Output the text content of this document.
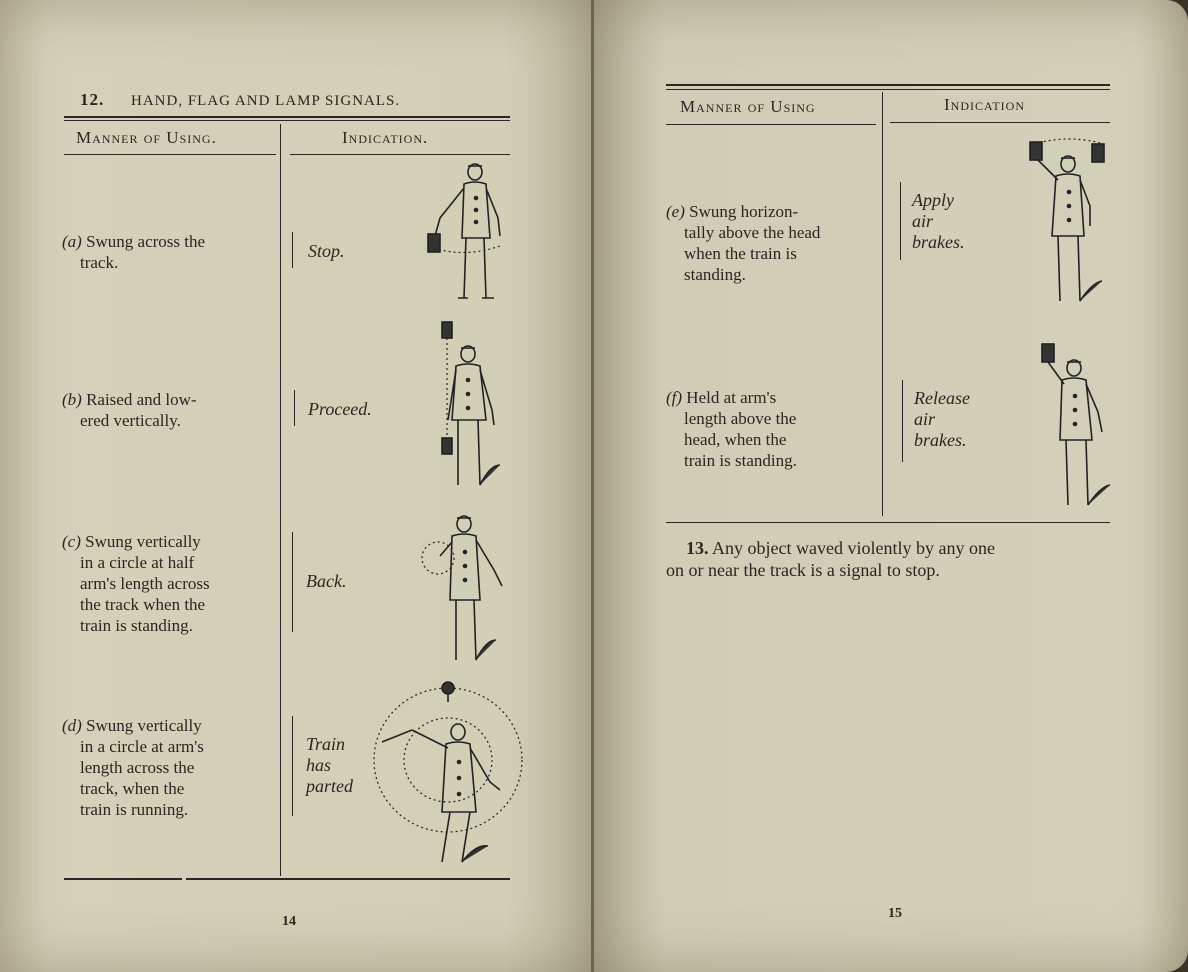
12. HAND, FLAG AND LAMP SIGNALS.
Manner of Using.	Indication.
(a) Swung across the
track.
Stop.
(b) Raised and low-
ered vertically.
Proceed.
(c) Swung vertically
in a circle at half
arm's length across
the track when the
train is standing.
Back.
(d) Swung vertically
in a circle at arm's
length across the
track, when the
train is running.
Train
has
parted
14
Manner of Using	Indication
(e) Swung horizon-
tally above the head
when the train is
standing.
Apply
air
brakes.
(f) Held at arm's
length above the
head, when the
train is standing.
Release
air
brakes.
13. Any object waved violently by any one
on or near the track is a signal to stop.
15
